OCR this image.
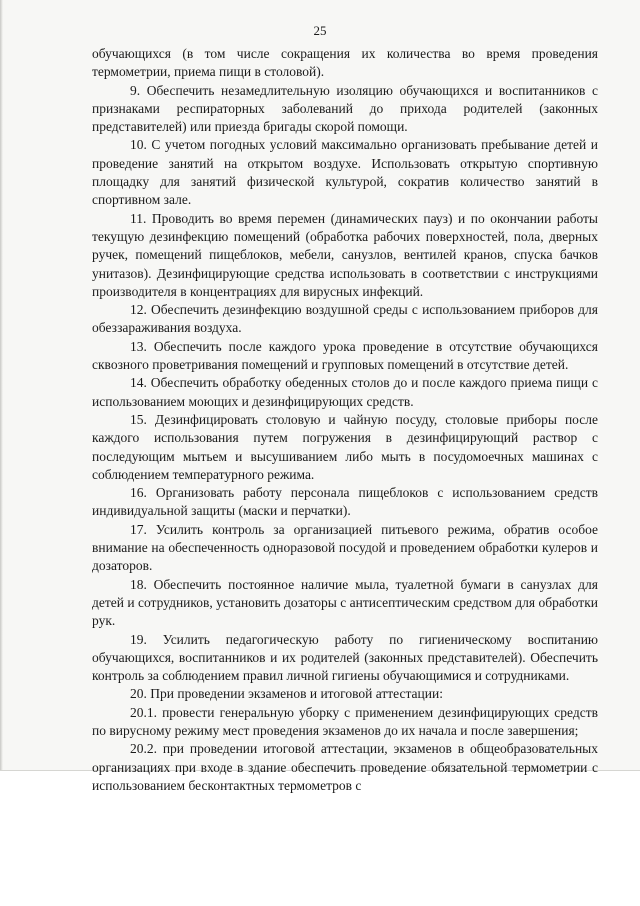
25

обучающихся (в том числе сокращения их количества во время проведения термометрии, приема пищи в столовой).

9. Обеспечить незамедлительную изоляцию обучающихся и воспитанников с признаками респираторных заболеваний до прихода родителей (законных представителей) или приезда бригады скорой помощи.

10. С учетом погодных условий максимально организовать пребывание детей и проведение занятий на открытом воздухе. Использовать открытую спортивную площадку для занятий физической культурой, сократив количество занятий в спортивном зале.

11. Проводить во время перемен (динамических пауз) и по окончании работы текущую дезинфекцию помещений (обработка рабочих поверхностей, пола, дверных ручек, помещений пищеблоков, мебели, санузлов, вентилей кранов, спуска бачков унитазов). Дезинфицирующие средства использовать в соответствии с инструкциями производителя в концентрациях для вирусных инфекций.

12. Обеспечить дезинфекцию воздушной среды с использованием приборов для обеззараживания воздуха.

13. Обеспечить после каждого урока проведение в отсутствие обучающихся сквозного проветривания помещений и групповых помещений в отсутствие детей.

14. Обеспечить обработку обеденных столов до и после каждого приема пищи с использованием моющих и дезинфицирующих средств.

15. Дезинфицировать столовую и чайную посуду, столовые приборы после каждого использования путем погружения в дезинфицирующий раствор с последующим мытьем и высушиванием либо мыть в посудомоечных машинах с соблюдением температурного режима.

16. Организовать работу персонала пищеблоков с использованием средств индивидуальной защиты (маски и перчатки).

17. Усилить контроль за организацией питьевого режима, обратив особое внимание на обеспеченность одноразовой посудой и проведением обработки кулеров и дозаторов.

18. Обеспечить постоянное наличие мыла, туалетной бумаги в санузлах для детей и сотрудников, установить дозаторы с антисептическим средством для обработки рук.

19. Усилить педагогическую работу по гигиеническому воспитанию обучающихся, воспитанников и их родителей (законных представителей). Обеспечить контроль за соблюдением правил личной гигиены обучающимися и сотрудниками.

20. При проведении экзаменов и итоговой аттестации:

20.1. провести генеральную уборку с применением дезинфицирующих средств по вирусному режиму мест проведения экзаменов до их начала и после завершения;

20.2. при проведении итоговой аттестации, экзаменов в общеобразовательных организациях при входе в здание обеспечить проведение обязательной термометрии с использованием бесконтактных термометров с
